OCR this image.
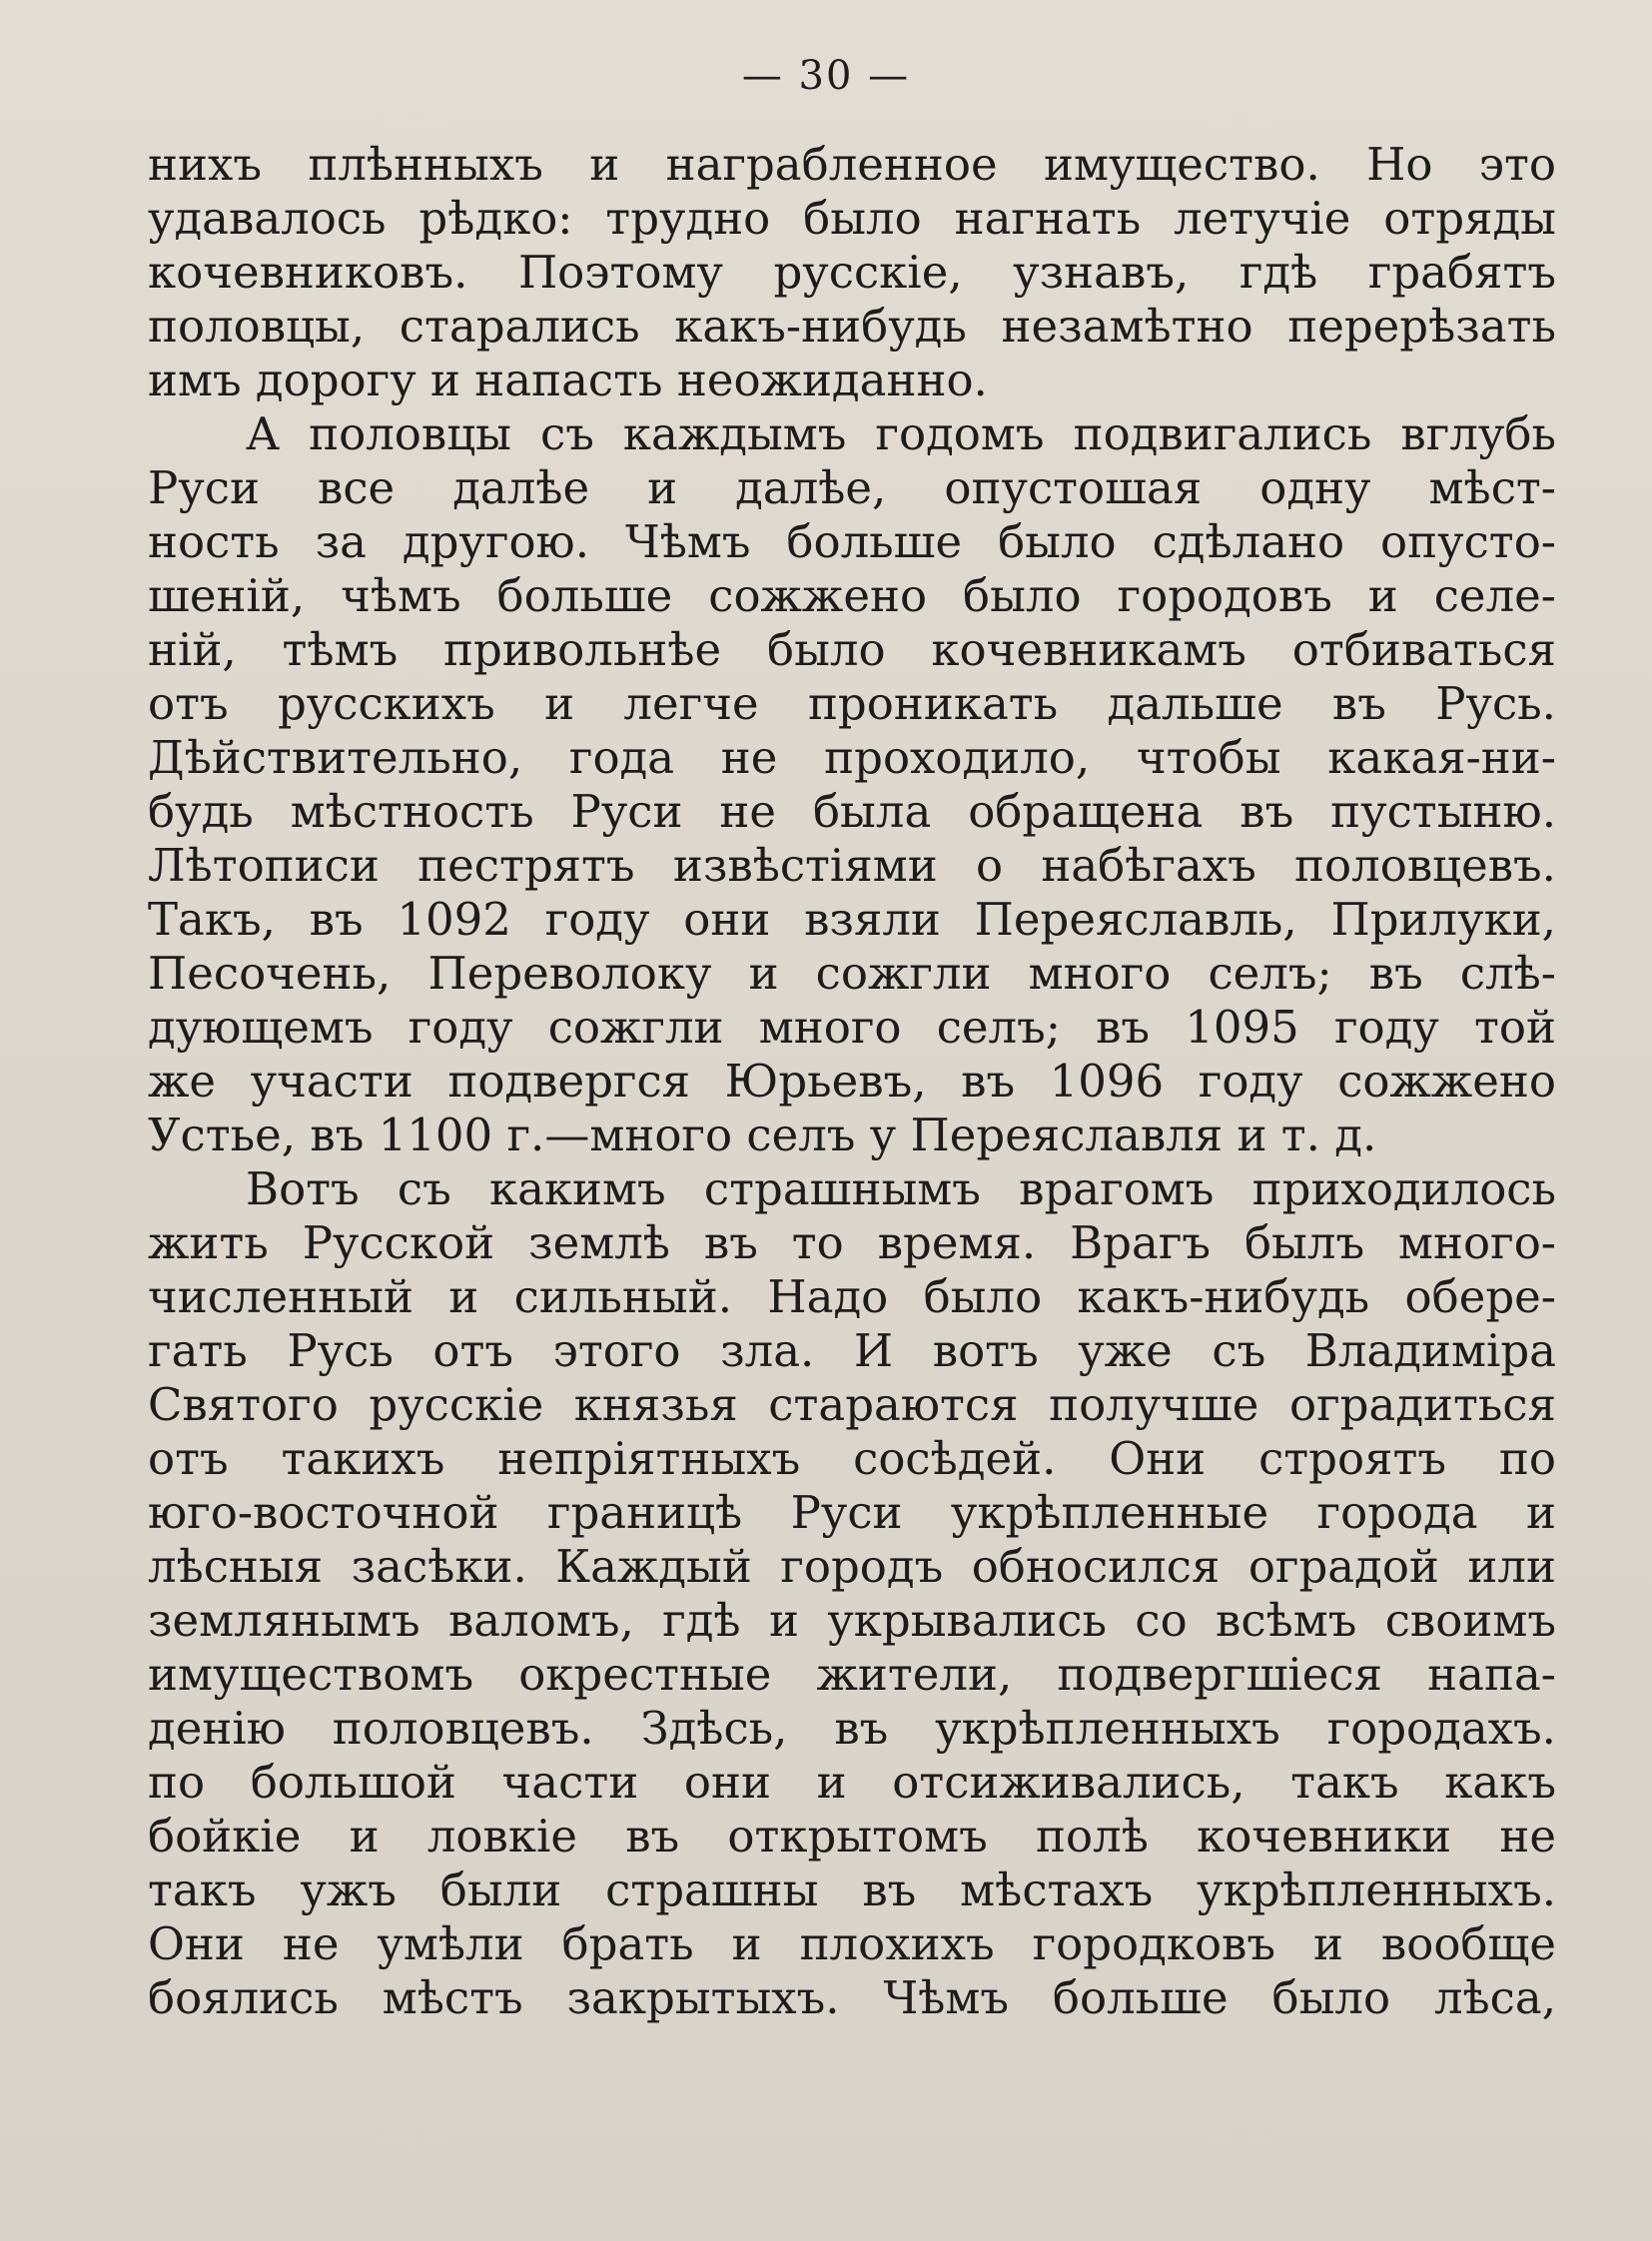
— 30 —
нихъ плѣнныхъ и награбленное имущество. Но это
удавалось рѣдко: трудно было нагнать летучіе отряды
кочевниковъ. Поэтому русскіе, узнавъ, гдѣ грабятъ
половцы, старались какъ-нибудь незамѣтно перерѣзать
имъ дорогу и напасть неожиданно.
А половцы съ каждымъ годомъ подвигались вглубь
Руси все далѣе и далѣе, опустошая одну мѣст-
ность за другою. Чѣмъ больше было сдѣлано опусто-
шеній, чѣмъ больше сожжено было городовъ и селе-
ній, тѣмъ привольнѣе было кочевникамъ отбиваться
отъ русскихъ и легче проникать дальше въ Русь.
Дѣйствительно, года не проходило, чтобы какая-ни-
будь мѣстность Руси не была обращена въ пустыню.
Лѣтописи пестрятъ извѣстіями о набѣгахъ половцевъ.
Такъ, въ 1092 году они взяли Переяславль, Прилуки,
Песочень, Переволоку и сожгли много селъ; въ слѣ-
дующемъ году сожгли много селъ; въ 1095 году той
же участи подвергся Юрьевъ, въ 1096 году сожжено
Устье, въ 1100 г.—много селъ у Переяславля и т. д.
Вотъ съ какимъ страшнымъ врагомъ приходилось
жить Русской землѣ въ то время. Врагъ былъ много-
численный и сильный. Надо было какъ-нибудь обере-
гать Русь отъ этого зла. И вотъ уже съ Владиміра
Святого русскіе князья стараются получше оградиться
отъ такихъ непріятныхъ сосѣдей. Они строятъ по
юго-восточной границѣ Руси укрѣпленные города и
лѣсныя засѣки. Каждый городъ обносился оградой или
землянымъ валомъ, гдѣ и укрывались со всѣмъ своимъ
имуществомъ окрестные жители, подвергшіеся напа-
денію половцевъ. Здѣсь, въ укрѣпленныхъ городахъ.
по большой части они и отсиживались, такъ какъ
бойкіе и ловкіе въ открытомъ полѣ кочевники не
такъ ужъ были страшны въ мѣстахъ укрѣпленныхъ.
Они не умѣли брать и плохихъ городковъ и вообще
боялись мѣстъ закрытыхъ. Чѣмъ больше было лѣса,
